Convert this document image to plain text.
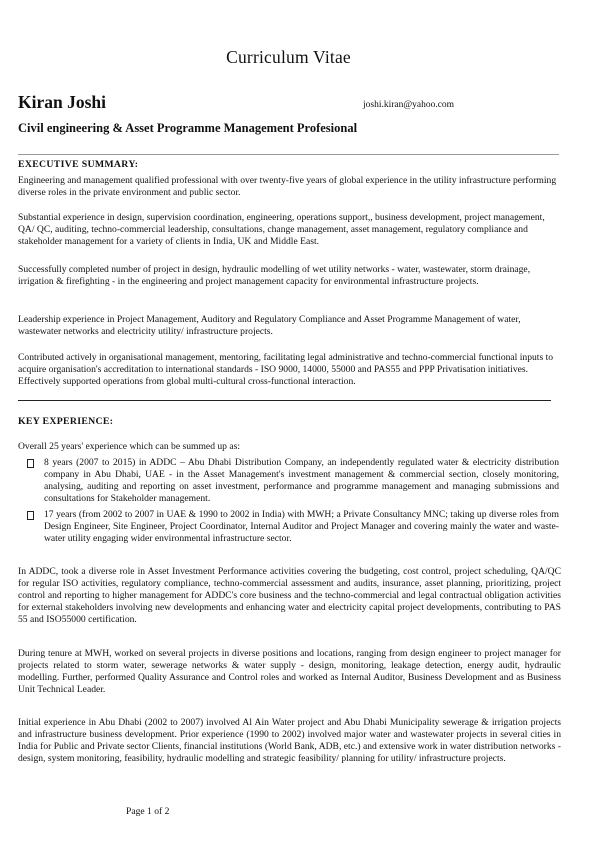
Curriculum Vitae
Kiran Joshi	joshi.kiran@yahoo.com
Civil engineering & Asset Programme Management Profesional
EXECUTIVE SUMMARY:
Engineering and management qualified professional with over twenty-five years of global experience in the utility infrastructure performing diverse roles in the private environment and public sector.
Substantial experience in design, supervision coordination, engineering, operations support,, business development, project management, QA/ QC, auditing, techno-commercial leadership, consultations, change management, asset management, regulatory compliance and stakeholder management for a variety of clients in India, UK and Middle East.
Successfully completed number of project in design, hydraulic modelling of wet utility networks - water, wastewater, storm drainage, irrigation & firefighting - in the engineering and project management capacity for environmental infrastructure projects.
Leadership experience in Project Management, Auditory and Regulatory Compliance and Asset Programme Management of water, wastewater networks and electricity utility/ infrastructure projects.
Contributed actively in organisational management, mentoring, facilitating legal administrative and techno-commercial functional inputs to acquire organisation's accreditation to international standards - ISO 9000, 14000, 55000 and PAS55 and PPP Privatisation initiatives. Effectively supported operations from global multi-cultural cross-functional interaction.
KEY EXPERIENCE:
Overall 25 years' experience which can be summed up as:
8 years (2007 to 2015) in ADDC – Abu Dhabi Distribution Company, an independently regulated water & electricity distribution company in Abu Dhabi, UAE - in the Asset Management's investment management & commercial section, closely monitoring, analysing, auditing and reporting on asset investment, performance and programme management and managing submissions and consultations for Stakeholder management.
17 years (from 2002 to 2007 in UAE & 1990 to 2002 in India) with MWH; a Private Consultancy MNC; taking up diverse roles from Design Engineer, Site Engineer, Project Coordinator, Internal Auditor and Project Manager and covering mainly the water and waste-water utility engaging wider environmental infrastructure sector.
In ADDC, took a diverse role in Asset Investment Performance activities covering the budgeting, cost control, project scheduling, QA/QC for regular ISO activities, regulatory compliance, techno-commercial assessment and audits, insurance, asset planning, prioritizing, project control and reporting to higher management for ADDC's core business and the techno-commercial and legal contractual obligation activities for external stakeholders involving new developments and enhancing water and electricity capital project developments, contributing to PAS 55 and ISO55000 certification.
During tenure at MWH, worked on several projects in diverse positions and locations, ranging from design engineer to project manager for projects related to storm water, sewerage networks & water supply - design, monitoring, leakage detection, energy audit, hydraulic modelling. Further, performed Quality Assurance and Control roles and worked as Internal Auditor, Business Development and as Business Unit Technical Leader.
Initial experience in Abu Dhabi (2002 to 2007) involved Al Ain Water project and Abu Dhabi Municipality sewerage & irrigation projects and infrastructure business development. Prior experience (1990 to 2002) involved major water and wastewater projects in several cities in India for Public and Private sector Clients, financial institutions (World Bank, ADB, etc.) and extensive work in water distribution networks - design, system monitoring, feasibility, hydraulic modelling and strategic feasibility/ planning for utility/ infrastructure projects.
Page 1 of 2
